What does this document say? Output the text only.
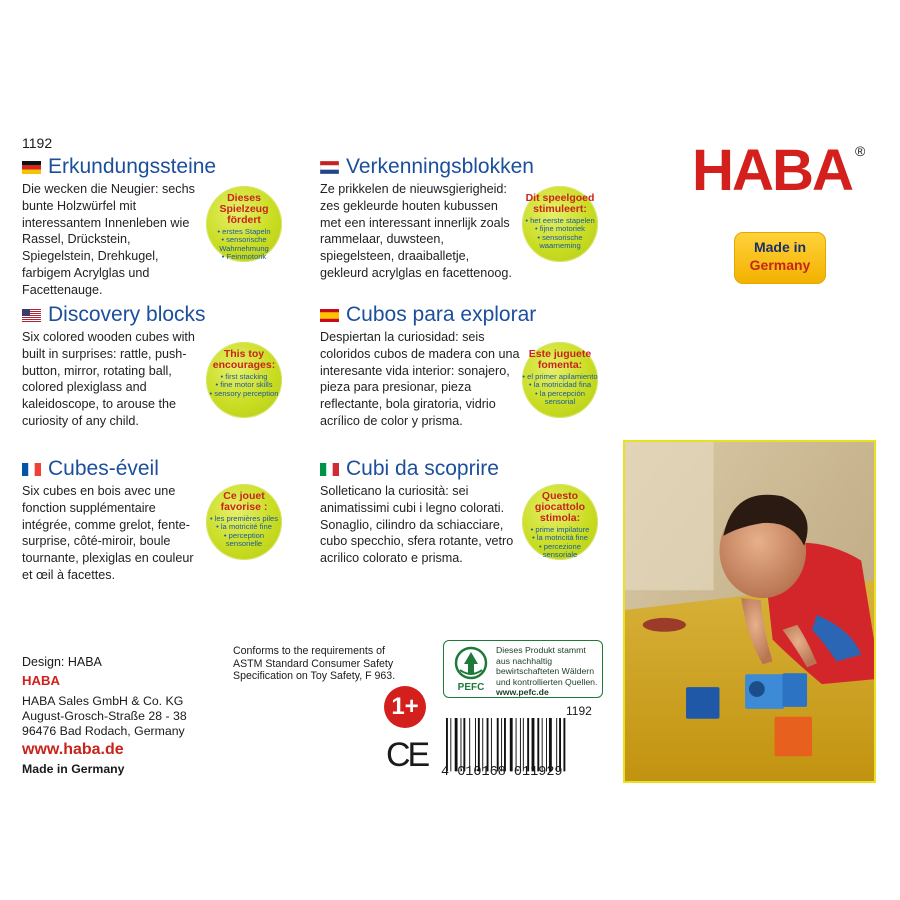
1192
Erkundungssteine
Die wecken die Neugier: sechs bunte Holzwürfel mit interessantem Innenleben wie Rassel, Drückstein, Spiegelstein, Drehkugel, farbigem Acrylglas und Facettenauge.
Dieses Spielzeug fördert
• erstes Stapeln
• sensorische Wahrnehmung
• Feinmotorik
Verkenningsblokken
Ze prikkelen de nieuwsgierigheid: zes gekleurde houten kubussen met een interessant innerlijk zoals rammelaar, duwsteen, spiegelsteen, draaiballetje, gekleurd acrylglas en facettenoog.
Dit speelgoed stimuleert:
• het eerste stapelen
• fijne motoriek
• sensorische waarneming
Discovery blocks
Six colored wooden cubes with built in surprises: rattle, push-button, mirror, rotating ball, colored plexiglass and kaleidoscope, to arouse the curiosity of any child.
This toy encourages:
• first stacking
• fine motor skills
• sensory perception
Cubos para explorar
Despiertan la curiosidad: seis coloridos cubos de madera con una interesante vida interior: sonajero, pieza para presionar, pieza reflectante, bola giratoria, vidrio acrílico de color y prisma.
Este juguete fomenta:
• el primer apilamiento
• la motricidad fina
• la percepción sensorial
Cubes-éveil
Six cubes en bois avec une fonction supplémentaire intégrée, comme grelot, fente-surprise, côté-miroir, boule tournante, plexiglas en couleur et œil à facettes.
Ce jouet favorise :
• les premières piles
• la motricité fine
• perception sensorielle
Cubi da scoprire
Solleticano la curiosità: sei animatissimi cubi i legno colorati. Sonaglio, cilindro da schiacciare, cubo specchio, sfera rotante, vetro acrilico colorato e prisma.
Questo giocattolo stimola:
• prime impilature
• la motricità fine
• percezione sensoriale
HABA ®
Made in
Germany
Design: HABA
HABA
HABA Sales GmbH & Co. KG
August-Grosch-Straße 28 - 38
96476 Bad Rodach, Germany
www.haba.de
Made in Germany
Conforms to the requirements of ASTM Standard Consumer Safety Specification on Toy Safety, F 963.
1+
CE
PEFC
Dieses Produkt stammt aus nachhaltig bewirtschafteten Wäldern und kontrollierten Quellen. www.pefc.de
1192
4 010168 011929
